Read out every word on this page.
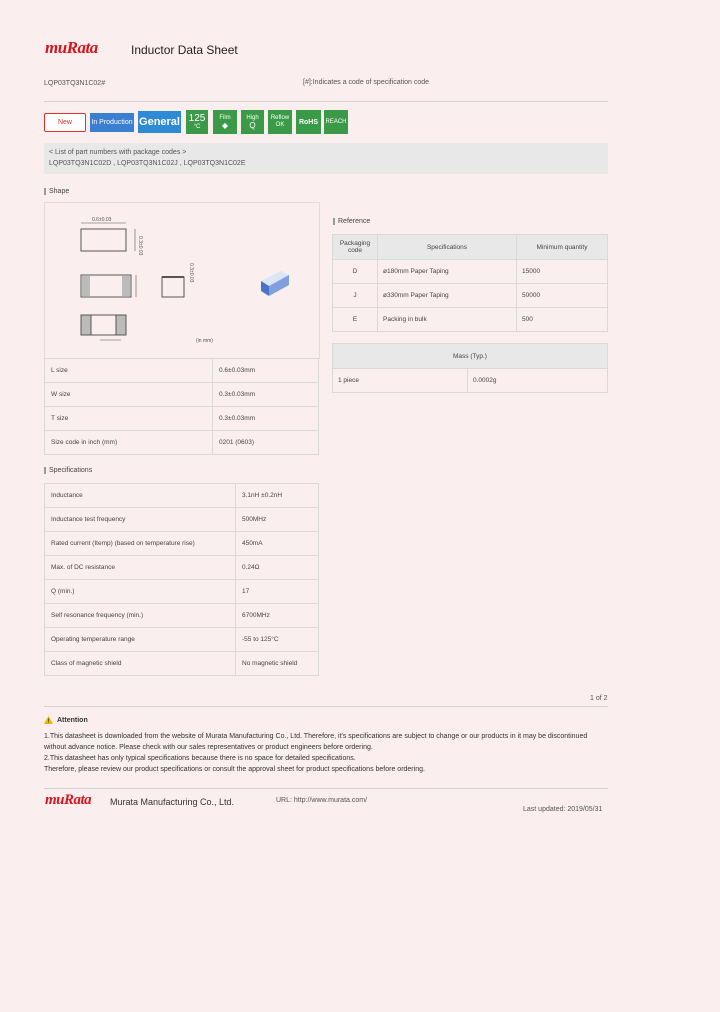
muRata	Inductor Data Sheet
LQP03TQ3N1C02#	[#]:Indicates a code of specification code
New	In Production General 125
°C
Film
◆
High
Q
Reflow
OK	RoHS	REACH
< List of part numbers with package codes >
LQP03TQ3N1C02D , LQP03TQ3N1C02J , LQP03TQ3N1C02E
Shape
0.6±0.03
0.3±0.03
0.3±0.03
(in mm)
L size	0.6±0.03mm
W size	0.3±0.03mm
T size	0.3±0.03mm
Size code in inch (mm)	0201 (0603)
Reference
Packaging code	Specifications	Minimum quantity
D	ø180mm Paper Taping	15000
J	ø330mm Paper Taping	50000
E	Packing in bulk	500
Mass (Typ.)
1 piece	0.0002g
Specifications
Inductance	3.1nH ±0.2nH
Inductance test frequency	500MHz
Rated current (Itemp) (based on temperature rise)	450mA
Max. of DC resistance	0.24Ω
Q (min.)	17
Self resonance frequency (min.)	6700MHz
Operating temperature range	-55 to 125°C
Class of magnetic shield	No magnetic shield
1 of 2
! Attention
1.This datasheet is downloaded from the website of Murata Manufacturing Co., Ltd. Therefore, it's specifications are subject to change or our products in it may be discontinued
without advance notice. Please check with our sales representatives or product engineers before ordering.
2.This datasheet has only typical specifications because there is no space for detailed specifications.
Therefore, please review our product specifications or consult the approval sheet for product specifications before ordering.
muRata Murata Manufacturing Co., Ltd.	URL: http://www.murata.com/
Last updated: 2019/05/31
